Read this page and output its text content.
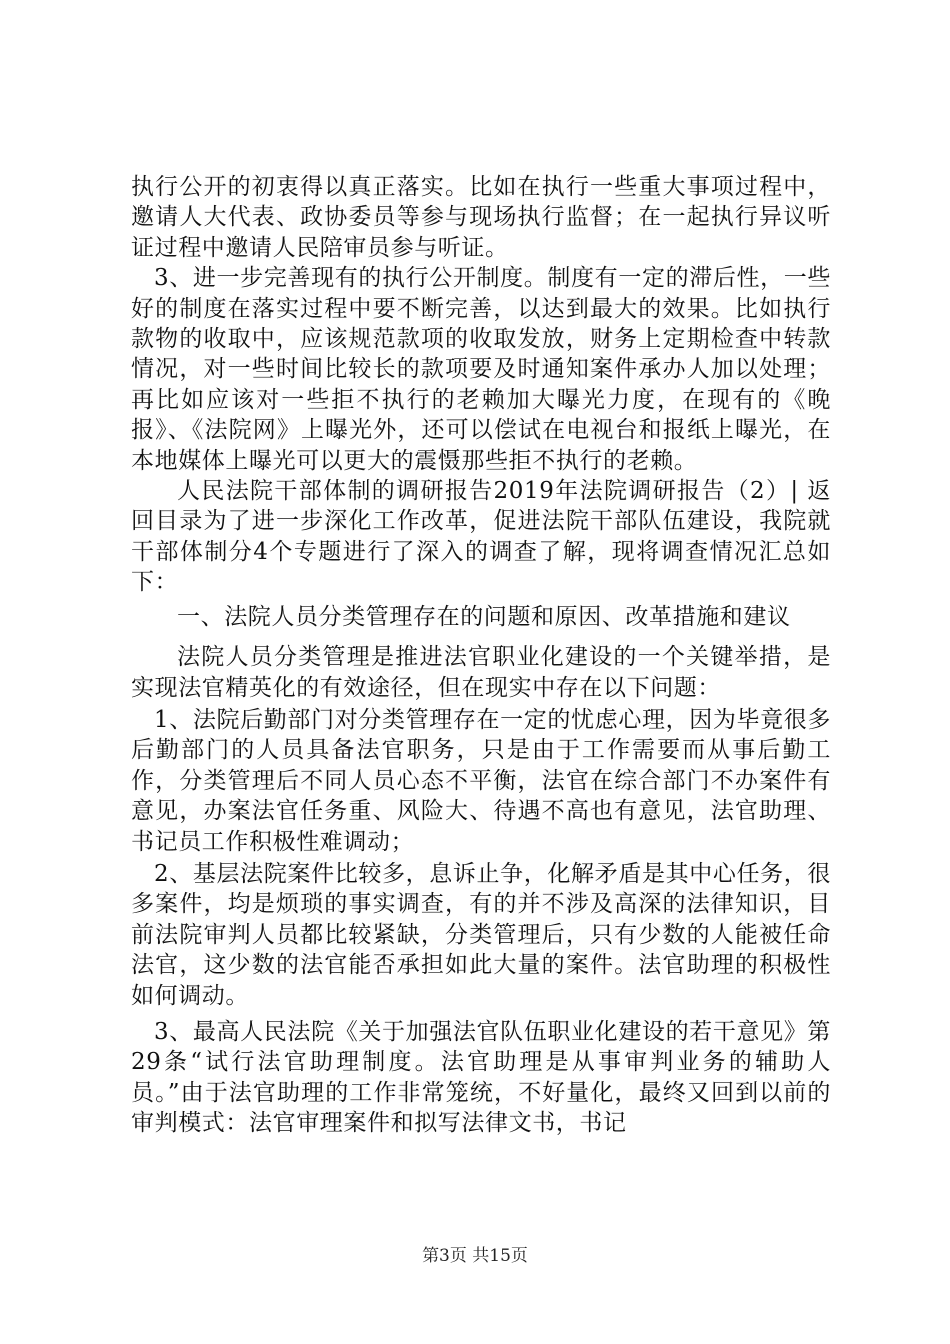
执行公开的初衷得以真正落实。比如在执行一些重大事项过程中，邀请人大代表、政协委员等参与现场执行监督；在一起执行异议听证过程中邀请人民陪审员参与听证。

3、进一步完善现有的执行公开制度。制度有一定的滞后性，一些好的制度在落实过程中要不断完善，以达到最大的效果。比如执行款物的收取中，应该规范款项的收取发放，财务上定期检查中转款情况，对一些时间比较长的款项要及时通知案件承办人加以处理；再比如应该对一些拒不执行的老赖加大曝光力度，在现有的《晚报》、《法院网》上曝光外，还可以偿试在电视台和报纸上曝光，在本地媒体上曝光可以更大的震慑那些拒不执行的老赖。

人民法院干部体制的调研报告2019年法院调研报告（2）| 返回目录为了进一步深化工作改革，促进法院干部队伍建设，我院就干部体制分4个专题进行了深入的调查了解，现将调查情况汇总如下：

一、法院人员分类管理存在的问题和原因、改革措施和建议

法院人员分类管理是推进法官职业化建设的一个关键举措，是实现法官精英化的有效途径，但在现实中存在以下问题：

1、法院后勤部门对分类管理存在一定的忧虑心理，因为毕竟很多后勤部门的人员具备法官职务，只是由于工作需要而从事后勤工作，分类管理后不同人员心态不平衡，法官在综合部门不办案件有意见，办案法官任务重、风险大、待遇不高也有意见，法官助理、书记员工作积极性难调动；

2、基层法院案件比较多，息诉止争，化解矛盾是其中心任务，很多案件，均是烦琐的事实调查，有的并不涉及高深的法律知识，目前法院审判人员都比较紧缺，分类管理后，只有少数的人能被任命法官，这少数的法官能否承担如此大量的案件。法官助理的积极性如何调动。

3、最高人民法院《关于加强法官队伍职业化建设的若干意见》第29条“试行法官助理制度。法官助理是从事审判业务的辅助人员。”由于法官助理的工作非常笼统，不好量化，最终又回到以前的审判模式：法官审理案件和拟写法律文书，书记

第3页 共15页
